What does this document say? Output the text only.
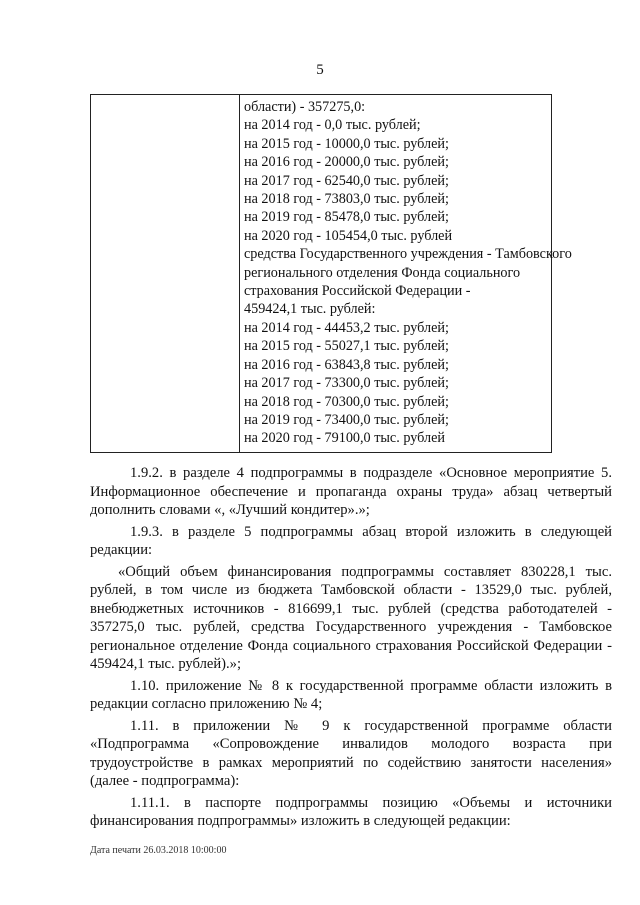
5
области) - 357275,0:
на 2014 год - 0,0 тыс. рублей;
на 2015 год - 10000,0 тыс. рублей;
на 2016 год - 20000,0 тыс. рублей;
на 2017 год - 62540,0 тыс. рублей;
на 2018 год - 73803,0 тыс. рублей;
на 2019 год - 85478,0 тыс. рублей;
на 2020 год - 105454,0 тыс. рублей
средства Государственного учреждения - Тамбовского
регионального отделения Фонда социального
страхования Российской Федерации -
459424,1 тыс. рублей:
на 2014 год - 44453,2 тыс. рублей;
на 2015 год - 55027,1 тыс. рублей;
на 2016 год - 63843,8 тыс. рублей;
на 2017 год - 73300,0 тыс. рублей;
на 2018 год - 70300,0 тыс. рублей;
на 2019 год - 73400,0 тыс. рублей;
на 2020 год - 79100,0 тыс. рублей

1.9.2. в разделе 4 подпрограммы в подразделе «Основное мероприятие 5. Информационное обеспечение и пропаганда охраны труда» абзац четвертый дополнить словами «, «Лучший кондитер».»;

1.9.3. в разделе 5 подпрограммы абзац второй изложить в следующей редакции:

«Общий объем финансирования подпрограммы составляет 830228,1 тыс. рублей, в том числе из бюджета Тамбовской области - 13529,0 тыс. рублей, внебюджетных источников - 816699,1 тыс. рублей (средства работодателей - 357275,0 тыс. рублей, средства Государственного учреждения - Тамбовское региональное отделение Фонда социального страхования Российской Федерации - 459424,1 тыс. рублей).»;

1.10. приложение № 8 к государственной программе области изложить в редакции согласно приложению № 4;

1.11. в приложении № 9 к государственной программе области «Подпрограмма «Сопровождение инвалидов молодого возраста при трудоустройстве в рамках мероприятий по содействию занятости населения» (далее - подпрограмма):

1.11.1. в паспорте подпрограммы позицию «Объемы и источники финансирования подпрограммы» изложить в следующей редакции:

Дата печати 26.03.2018 10:00:00
